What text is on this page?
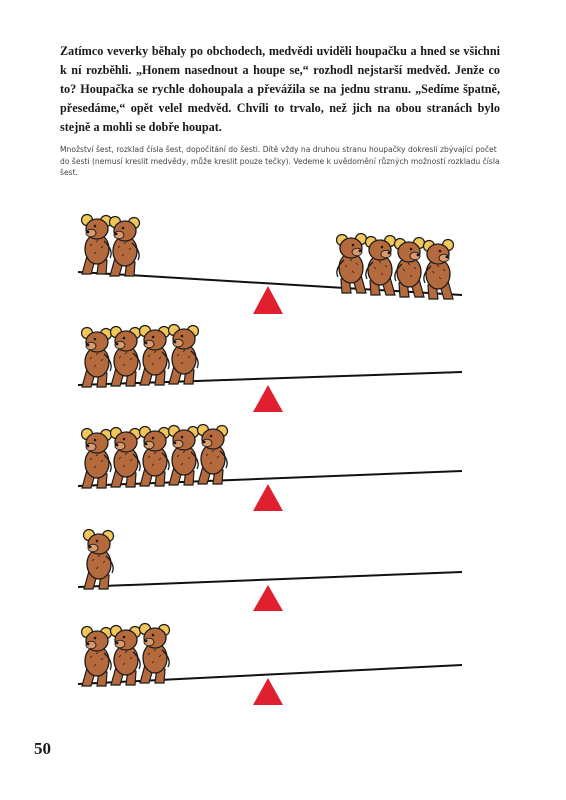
Zatímco veverky běhaly po obchodech, medvědi uviděli houpačku a hned se všichni k ní rozběhli. „Honem nasednout a houpe se,“ rozhodl nejstarší medvěd. Jenže co to? Houpačka se rychle dohoupala a převážila se na jednu stranu. „Sedíme špatně, přesedáme,“ opět velel medvěd. Chvíli to trvalo, než jich na obou stranách bylo stejně a mohli se dobře houpat.

Množství šest, rozklad čísla šest, dopočítání do šesti. Dítě vždy na druhou stranu houpačky dokreslí zbývající počet do šesti (nemusí kreslit medvědy, může kreslit pouze tečky). Vedeme k uvědomění různých možností rozkladu čísla šest.

50
